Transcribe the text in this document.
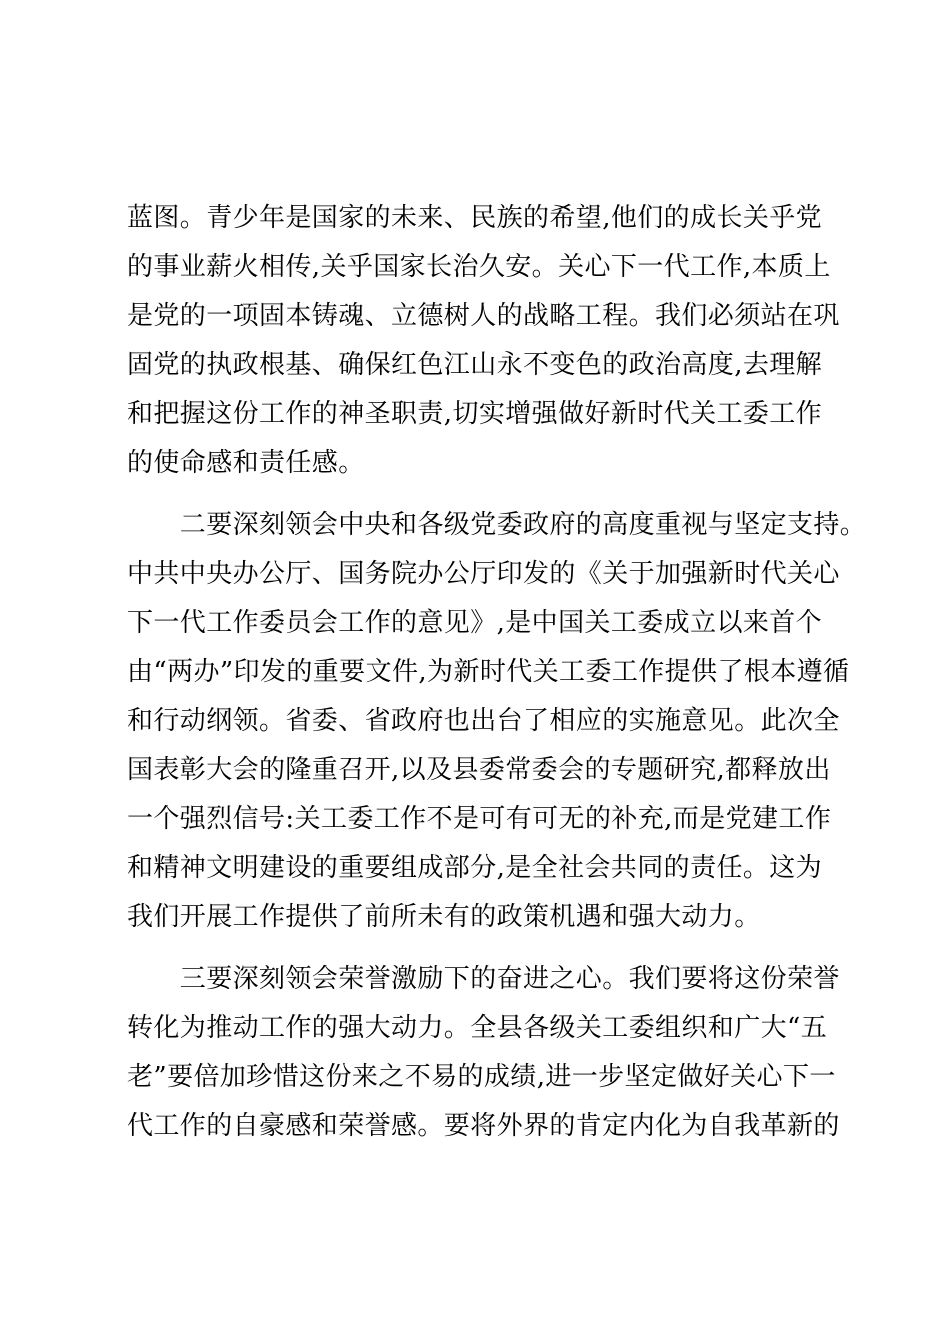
蓝图。青少年是国家的未来、民族的希望,他们的成长关乎党
的事业薪火相传,关乎国家长治久安。关心下一代工作,本质上
是党的一项固本铸魂、立德树人的战略工程。我们必须站在巩
固党的执政根基、确保红色江山永不变色的政治高度,去理解
和把握这份工作的神圣职责,切实增强做好新时代关工委工作
的使命感和责任感。
　　二要深刻领会中央和各级党委政府的高度重视与坚定支持。
中共中央办公厅、国务院办公厅印发的《关于加强新时代关心
下一代工作委员会工作的意见》,是中国关工委成立以来首个
由“两办”印发的重要文件,为新时代关工委工作提供了根本遵循
和行动纲领。省委、省政府也出台了相应的实施意见。此次全
国表彰大会的隆重召开,以及县委常委会的专题研究,都释放出
一个强烈信号:关工委工作不是可有可无的补充,而是党建工作
和精神文明建设的重要组成部分,是全社会共同的责任。这为
我们开展工作提供了前所未有的政策机遇和强大动力。
　　三要深刻领会荣誉激励下的奋进之心。我们要将这份荣誉
转化为推动工作的强大动力。全县各级关工委组织和广大“五
老”要倍加珍惜这份来之不易的成绩,进一步坚定做好关心下一
代工作的自豪感和荣誉感。要将外界的肯定内化为自我革新的
